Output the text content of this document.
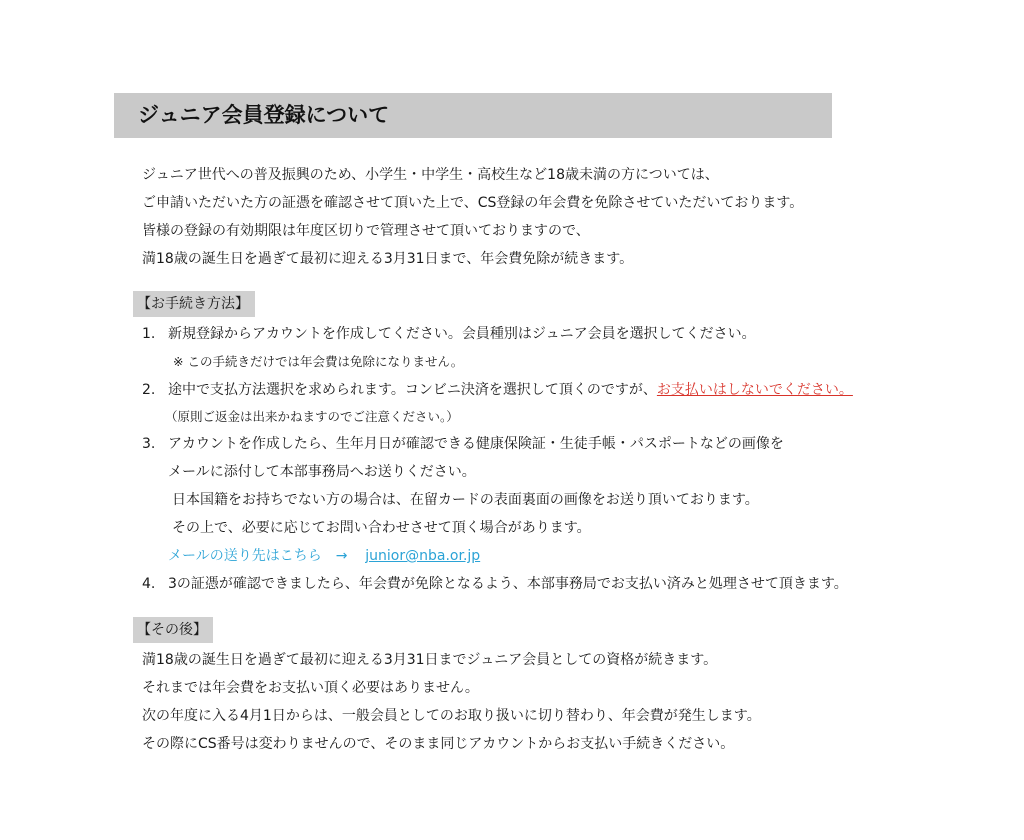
ジュニア会員登録について
ジュニア世代への普及振興のため、小学生・中学生・高校生など18歳未満の方については、
ご申請いただいた方の証憑を確認させて頂いた上で、CS登録の年会費を免除させていただいております。
皆様の登録の有効期限は年度区切りで管理させて頂いておりますので、
満18歳の誕生日を過ぎて最初に迎える3月31日まで、年会費免除が続きます。
【お手続き方法】
1. 新規登録からアカウントを作成してください。会員種別はジュニア会員を選択してください。
※ この手続きだけでは年会費は免除になりません。
2. 途中で支払方法選択を求められます。コンビニ決済を選択して頂くのですが、お支払いはしないでください。
（原則ご返金は出来かねますのでご注意ください。）
3. アカウントを作成したら、生年月日が確認できる健康保険証・生徒手帳・パスポートなどの画像を
メールに添付して本部事務局へお送りください。
日本国籍をお持ちでない方の場合は、在留カードの表面裏面の画像をお送り頂いております。
その上で、必要に応じてお問い合わせさせて頂く場合があります。
メールの送り先はこちら　→ junior@nba.or.jp
4. 3の証憑が確認できましたら、年会費が免除となるよう、本部事務局でお支払い済みと処理させて頂きます。
【その後】
満18歳の誕生日を過ぎて最初に迎える3月31日までジュニア会員としての資格が続きます。
それまでは年会費をお支払い頂く必要はありません。
次の年度に入る4月1日からは、一般会員としてのお取り扱いに切り替わり、年会費が発生します。
その際にCS番号は変わりませんので、そのまま同じアカウントからお支払い手続きください。
